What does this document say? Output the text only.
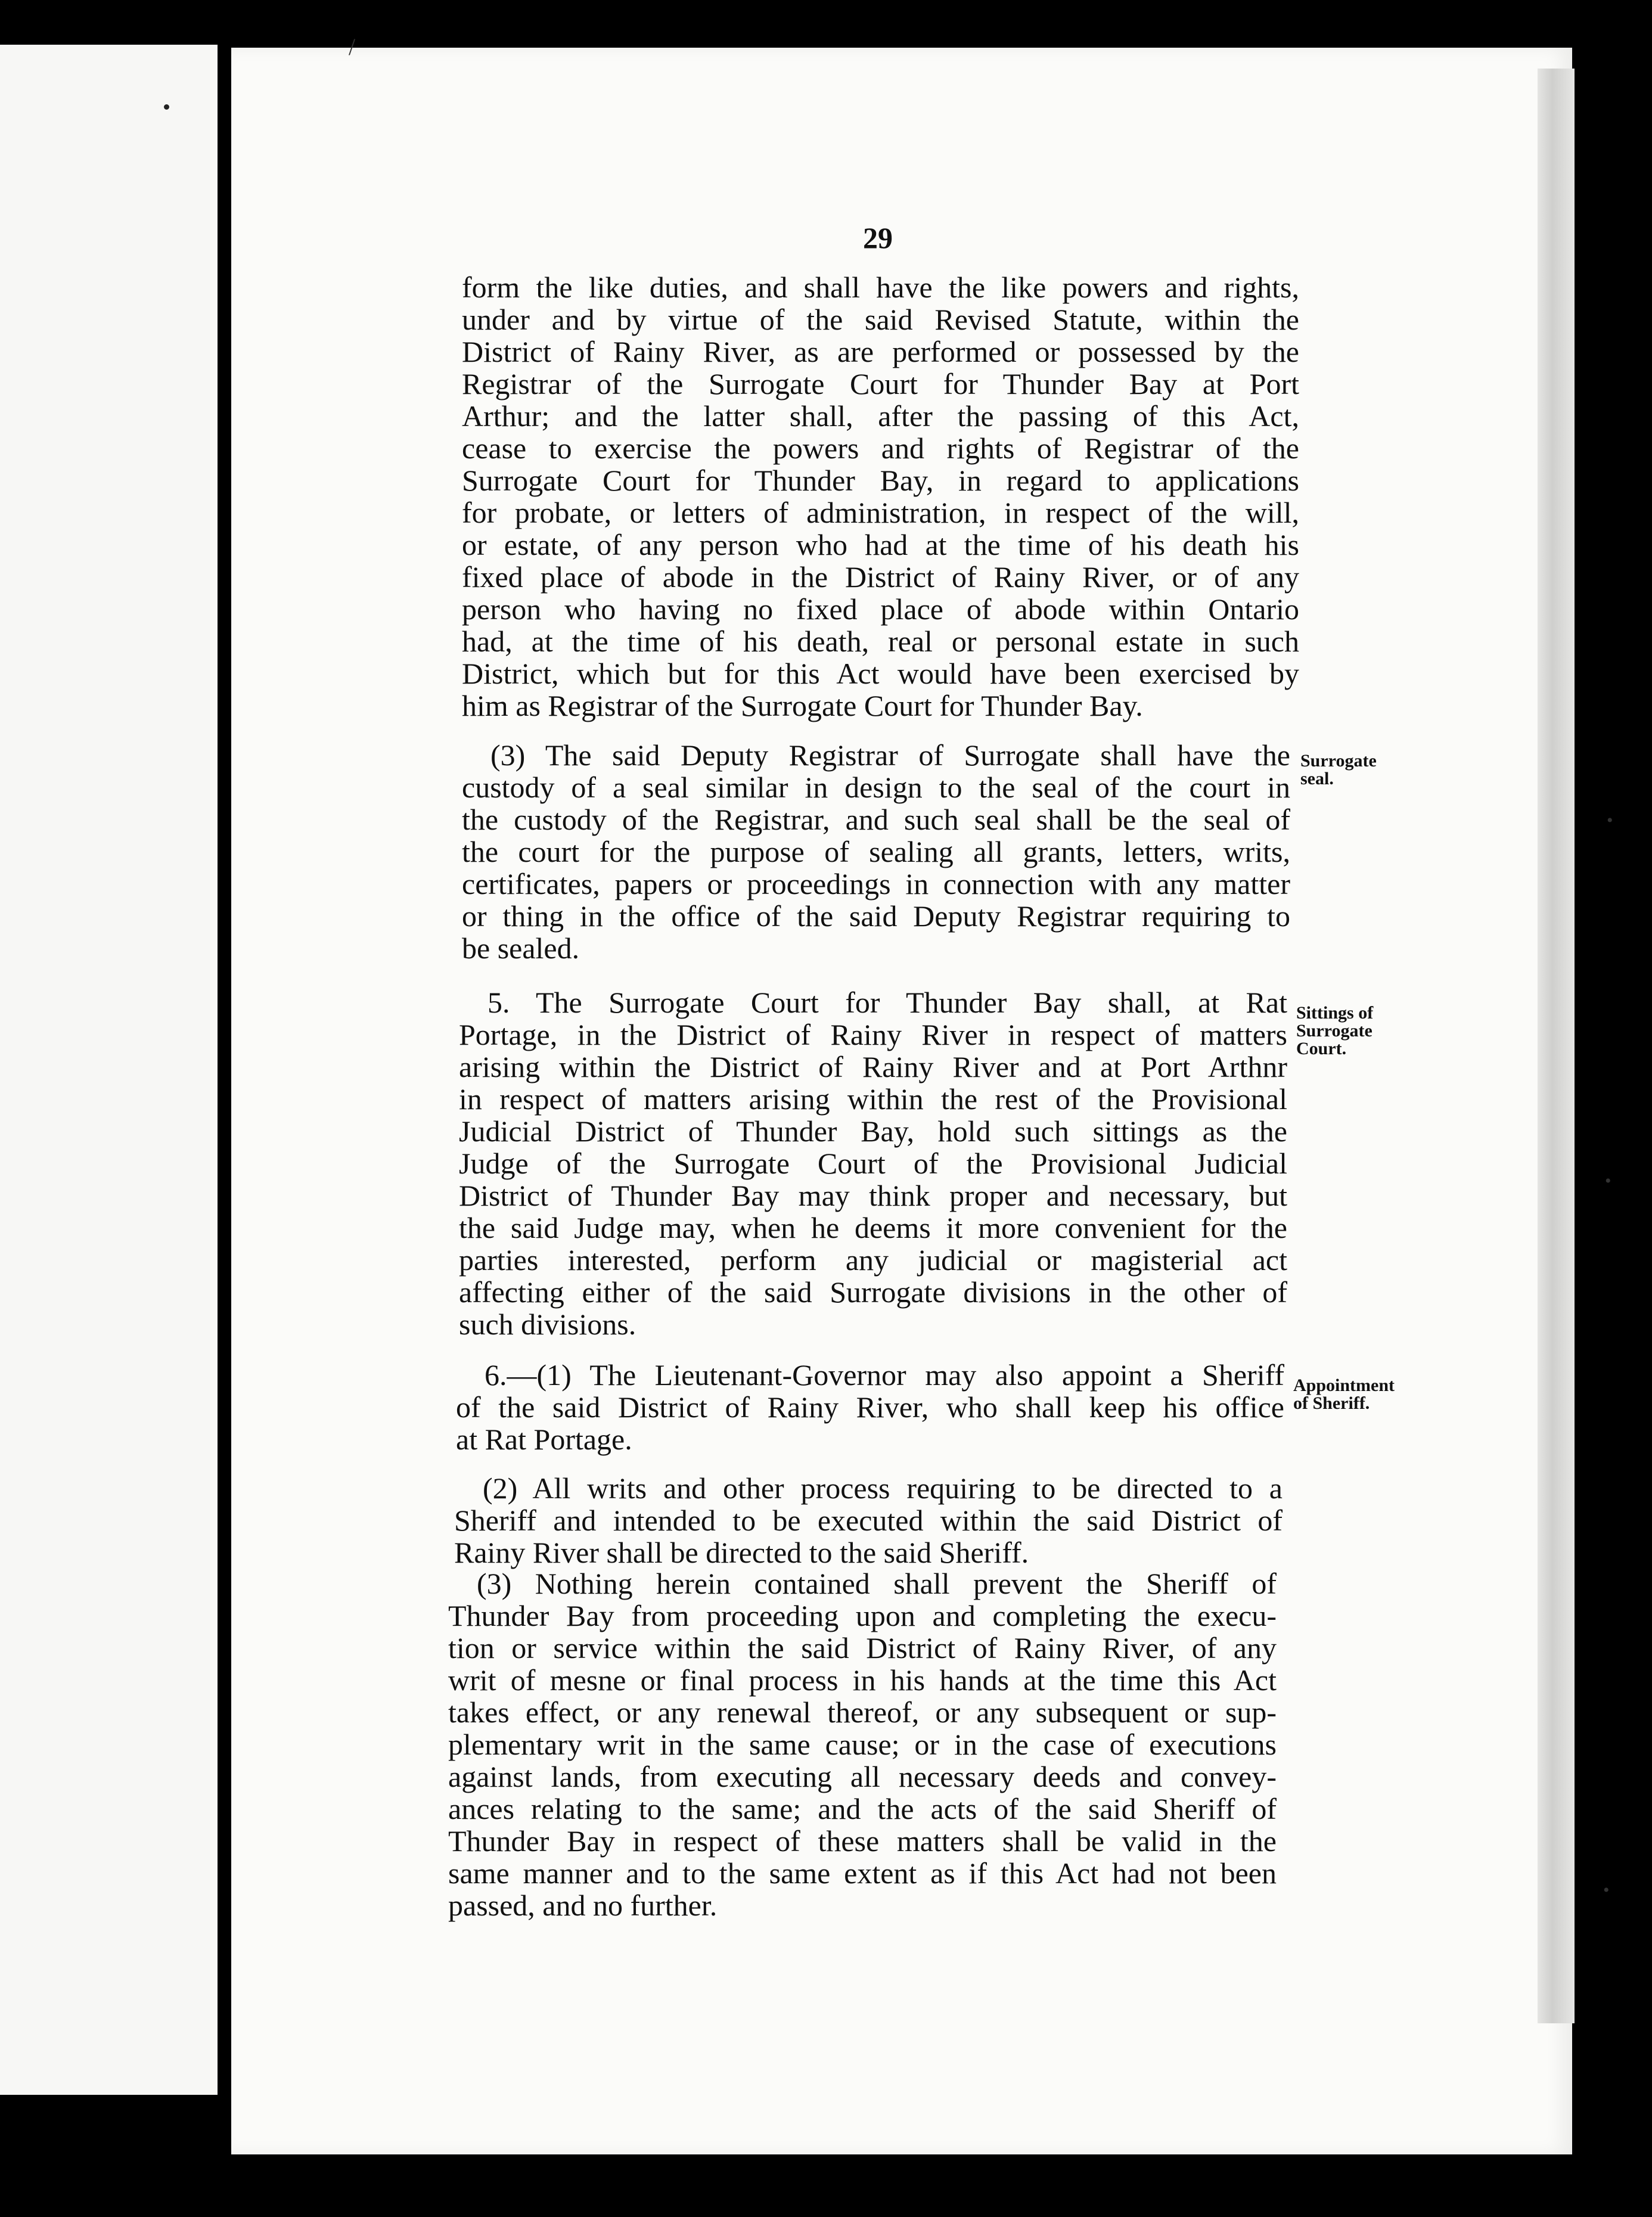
/
•
•
•
29
form the like duties, and shall have the like powers and rights,
under and by virtue of the said Revised Statute, within the
District of Rainy River, as are performed or possessed by the
Registrar of the Surrogate Court for Thunder Bay at Port
Arthur; and the latter shall, after the passing of this Act,
cease to exercise the powers and rights of Registrar of the
Surrogate Court for Thunder Bay, in regard to applications
for probate, or letters of administration, in respect of the will,
or estate, of any person who had at the time of his death his
fixed place of abode in the District of Rainy River, or of any
person who having no fixed place of abode within Ontario
had, at the time of his death, real or personal estate in such
District, which but for this Act would have been exercised by
him as Registrar of the Surrogate Court for Thunder Bay.
(3) The said Deputy Registrar of Surrogate shall have the
custody of a seal similar in design to the seal of the court in
the custody of the Registrar, and such seal shall be the seal of
the court for the purpose of sealing all grants, letters, writs,
certificates, papers or proceedings in connection with any matter
or thing in the office of the said Deputy Registrar requiring to
be sealed.
5. The Surrogate Court for Thunder Bay shall, at Rat
Portage, in the District of Rainy River in respect of matters
arising within the District of Rainy River and at Port Arthnr
in respect of matters arising within the rest of the Provisional
Judicial District of Thunder Bay, hold such sittings as the
Judge of the Surrogate Court of the Provisional Judicial
District of Thunder Bay may think proper and necessary, but
the said Judge may, when he deems it more convenient for the
parties interested, perform any judicial or magisterial act
affecting either of the said Surrogate divisions in the other of
such divisions.
6.—(1) The Lieutenant-Governor may also appoint a Sheriff
of the said District of Rainy River, who shall keep his office
at Rat Portage.
(2) All writs and other process requiring to be directed to a
Sheriff and intended to be executed within the said District of
Rainy River shall be directed to the said Sheriff.
(3) Nothing herein contained shall prevent the Sheriff of
Thunder Bay from proceeding upon and completing the execu-
tion or service within the said District of Rainy River, of any
writ of mesne or final process in his hands at the time this Act
takes effect, or any renewal thereof, or any subsequent or sup-
plementary writ in the same cause; or in the case of executions
against lands, from executing all necessary deeds and convey-
ances relating to the same; and the acts of the said Sheriff of
Thunder Bay in respect of these matters shall be valid in the
same manner and to the same extent as if this Act had not been
passed, and no further.
Surrogate
seal.
Sittings of
Surrogate
Court.
Appointment
of Sheriff.
